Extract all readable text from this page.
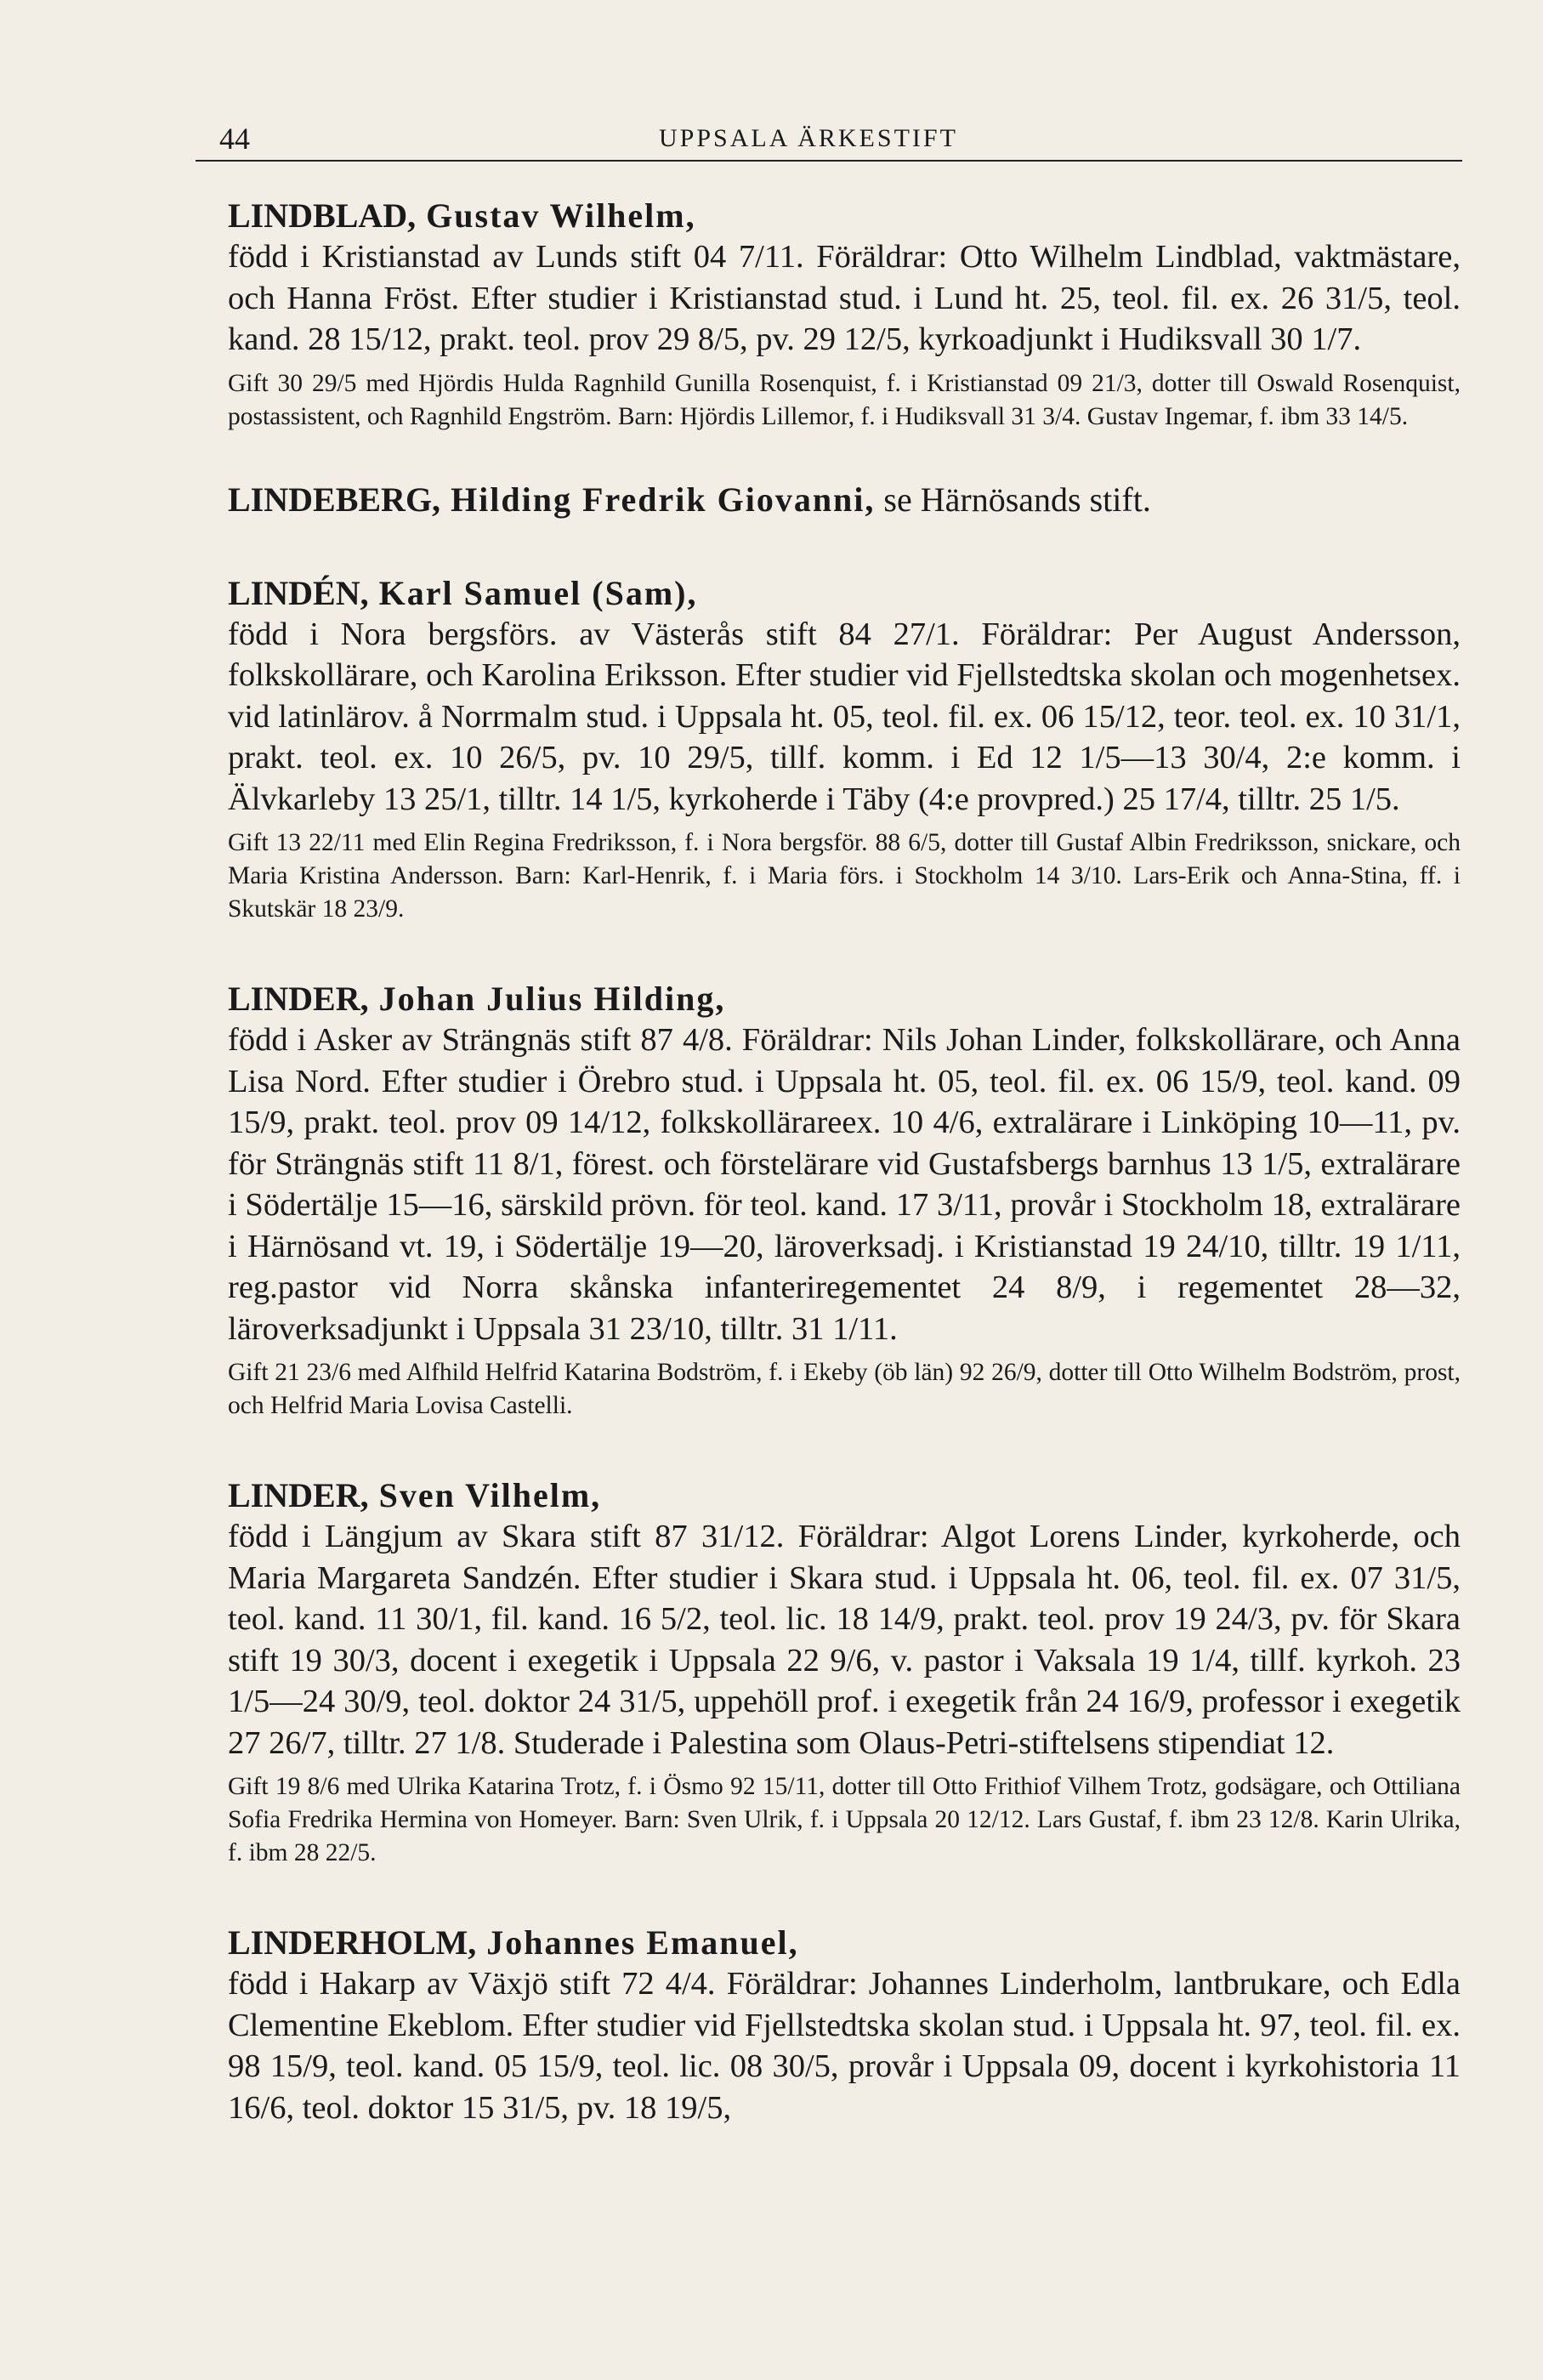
44	UPPSALA ÄRKESTIFT

LINDBLAD, Gustav Wilhelm,

född i Kristianstad av Lunds stift 04 7/11. Föräldrar: Otto Wilhelm Lindblad, vaktmästare, och Hanna Fröst. Efter studier i Kristianstad stud. i Lund ht. 25, teol. fil. ex. 26 31/5, teol. kand. 28 15/12, prakt. teol. prov 29 8/5, pv. 29 12/5, kyrkoadjunkt i Hudiksvall 30 1/7.

Gift 30 29/5 med Hjördis Hulda Ragnhild Gunilla Rosenquist, f. i Kristianstad 09 21/3, dotter till Oswald Rosenquist, postassistent, och Ragnhild Engström. Barn: Hjördis Lillemor, f. i Hudiksvall 31 3/4. Gustav Ingemar, f. ibm 33 14/5.

LINDEBERG, Hilding Fredrik Giovanni, se Härnösands stift.

LINDÉN, Karl Samuel (Sam),

född i Nora bergsförs. av Västerås stift 84 27/1. Föräldrar: Per August Andersson, folkskollärare, och Karolina Eriksson. Efter studier vid Fjellstedtska skolan och mogenhetsex. vid latinlärov. å Norrmalm stud. i Uppsala ht. 05, teol. fil. ex. 06 15/12, teor. teol. ex. 10 31/1, prakt. teol. ex. 10 26/5, pv. 10 29/5, tillf. komm. i Ed 12 1/5—13 30/4, 2:e komm. i Älvkarleby 13 25/1, tilltr. 14 1/5, kyrkoherde i Täby (4:e provpred.) 25 17/4, tilltr. 25 1/5.

Gift 13 22/11 med Elin Regina Fredriksson, f. i Nora bergsför. 88 6/5, dotter till Gustaf Albin Fredriksson, snickare, och Maria Kristina Andersson. Barn: Karl-Henrik, f. i Maria förs. i Stockholm 14 3/10. Lars-Erik och Anna-Stina, ff. i Skutskär 18 23/9.

LINDER, Johan Julius Hilding,

född i Asker av Strängnäs stift 87 4/8. Föräldrar: Nils Johan Linder, folkskollärare, och Anna Lisa Nord. Efter studier i Örebro stud. i Uppsala ht. 05, teol. fil. ex. 06 15/9, teol. kand. 09 15/9, prakt. teol. prov 09 14/12, folkskollärareex. 10 4/6, extralärare i Linköping 10—11, pv. för Strängnäs stift 11 8/1, förest. och förstelärare vid Gustafsbergs barnhus 13 1/5, extralärare i Södertälje 15—16, särskild prövn. för teol. kand. 17 3/11, provår i Stockholm 18, extralärare i Härnösand vt. 19, i Södertälje 19—20, läroverksadj. i Kristianstad 19 24/10, tilltr. 19 1/11, reg.pastor vid Norra skånska infanteriregementet 24 8/9, i regementet 28—32, läroverksadjunkt i Uppsala 31 23/10, tilltr. 31 1/11.

Gift 21 23/6 med Alfhild Helfrid Katarina Bodström, f. i Ekeby (öb län) 92 26/9, dotter till Otto Wilhelm Bodström, prost, och Helfrid Maria Lovisa Castelli.

LINDER, Sven Vilhelm,

född i Längjum av Skara stift 87 31/12. Föräldrar: Algot Lorens Linder, kyrkoherde, och Maria Margareta Sandzén. Efter studier i Skara stud. i Uppsala ht. 06, teol. fil. ex. 07 31/5, teol. kand. 11 30/1, fil. kand. 16 5/2, teol. lic. 18 14/9, prakt. teol. prov 19 24/3, pv. för Skara stift 19 30/3, docent i exegetik i Uppsala 22 9/6, v. pastor i Vaksala 19 1/4, tillf. kyrkoh. 23 1/5—24 30/9, teol. doktor 24 31/5, uppehöll prof. i exegetik från 24 16/9, professor i exegetik 27 26/7, tilltr. 27 1/8. Studerade i Palestina som Olaus-Petri-stiftelsens stipendiat 12.

Gift 19 8/6 med Ulrika Katarina Trotz, f. i Ösmo 92 15/11, dotter till Otto Frithiof Vilhem Trotz, godsägare, och Ottiliana Sofia Fredrika Hermina von Homeyer. Barn: Sven Ulrik, f. i Uppsala 20 12/12. Lars Gustaf, f. ibm 23 12/8. Karin Ulrika, f. ibm 28 22/5.

LINDERHOLM, Johannes Emanuel,

född i Hakarp av Växjö stift 72 4/4. Föräldrar: Johannes Linderholm, lantbrukare, och Edla Clementine Ekeblom. Efter studier vid Fjellstedtska skolan stud. i Uppsala ht. 97, teol. fil. ex. 98 15/9, teol. kand. 05 15/9, teol. lic. 08 30/5, provår i Uppsala 09, docent i kyrkohistoria 11 16/6, teol. doktor 15 31/5, pv. 18 19/5,
